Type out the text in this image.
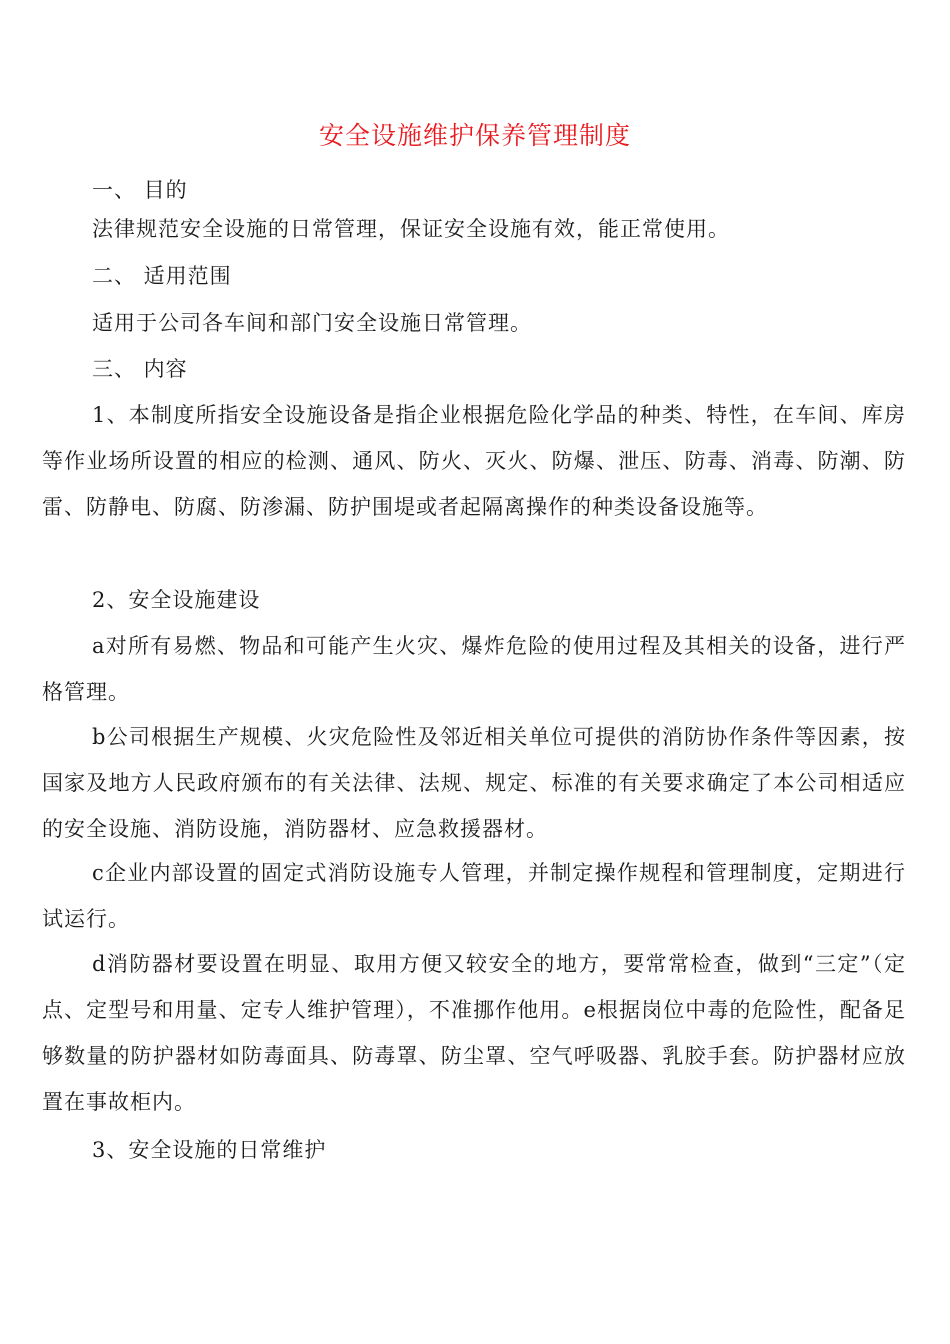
安全设施维护保养管理制度

一、 目的

法律规范安全设施的日常管理，保证安全设施有效，能正常使用。

二、 适用范围

适用于公司各车间和部门安全设施日常管理。

三、 内容

1、本制度所指安全设施设备是指企业根据危险化学品的种类、特性，在车间、库房等作业场所设置的相应的检测、通风、防火、灭火、防爆、泄压、防毒、消毒、防潮、防雷、防静电、防腐、防渗漏、防护围堤或者起隔离操作的种类设备设施等。

2、安全设施建设

a对所有易燃、物品和可能产生火灾、爆炸危险的使用过程及其相关的设备，进行严格管理。

b公司根据生产规模、火灾危险性及邻近相关单位可提供的消防协作条件等因素，按国家及地方人民政府颁布的有关法律、法规、规定、标准的有关要求确定了本公司相适应的安全设施、消防设施，消防器材、应急救援器材。

c企业内部设置的固定式消防设施专人管理，并制定操作规程和管理制度，定期进行试运行。

d消防器材要设置在明显、取用方便又较安全的地方，要常常检查，做到“三定”（定点、定型号和用量、定专人维护管理），不准挪作他用。e根据岗位中毒的危险性，配备足够数量的防护器材如防毒面具、防毒罩、防尘罩、空气呼吸器、乳胶手套。防护器材应放置在事故柜内。

3、安全设施的日常维护
